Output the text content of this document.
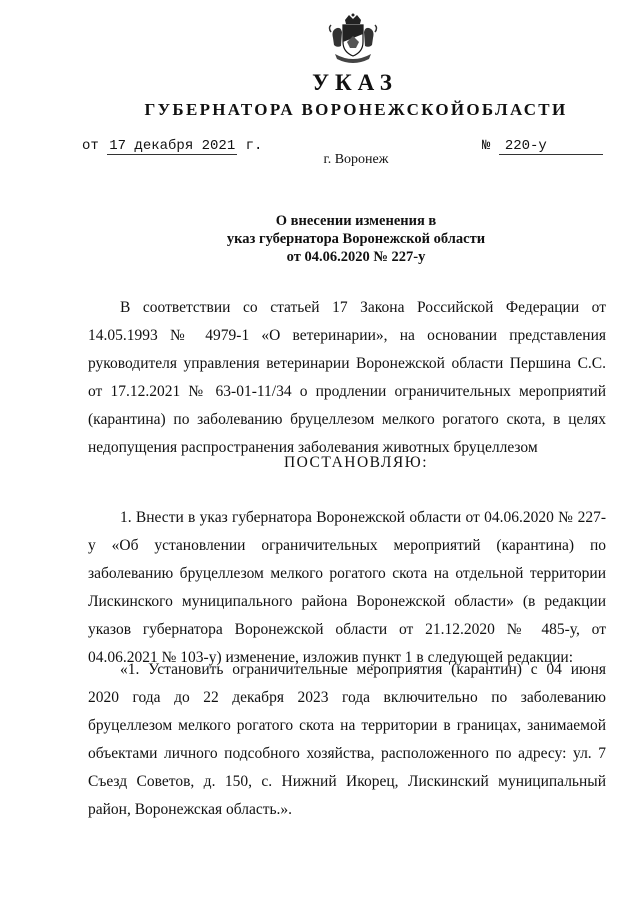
УКАЗ
ГУБЕРНАТОРА ВОРОНЕЖСКОЙОБЛАСТИ
от 17 декабря 2021 г.	№ 220-у
г. Воронеж
О внесении изменения в
указ губернатора Воронежской области
от 04.06.2020 № 227-у

В соответствии со статьей 17 Закона Российской Федерации от 14.05.1993 № 4979-1 «О ветеринарии», на основании представления руководителя управления ветеринарии Воронежской области Першина С.С. от 17.12.2021 № 63-01-11/34 о продлении ограничительных мероприятий (карантина) по заболеванию бруцеллезом мелкого рогатого скота, в целях недопущения распространения заболевания животных бруцеллезом

ПОСТАНОВЛЯЮ:

1. Внести в указ губернатора Воронежской области от 04.06.2020 № 227-у «Об установлении ограничительных мероприятий (карантина) по заболеванию бруцеллезом мелкого рогатого скота на отдельной территории Лискинского муниципального района Воронежской области» (в редакции указов губернатора Воронежской области от 21.12.2020 № 485-у, от 04.06.2021 № 103-у) изменение, изложив пункт 1 в следующей редакции:

«1. Установить ограничительные мероприятия (карантин) с 04 июня 2020 года до 22 декабря 2023 года включительно по заболеванию бруцеллезом мелкого рогатого скота на территории в границах, занимаемой объектами личного подсобного хозяйства, расположенного по адресу: ул. 7 Съезд Советов, д. 150, с. Нижний Икорец, Лискинский муниципальный район, Воронежская область.».
